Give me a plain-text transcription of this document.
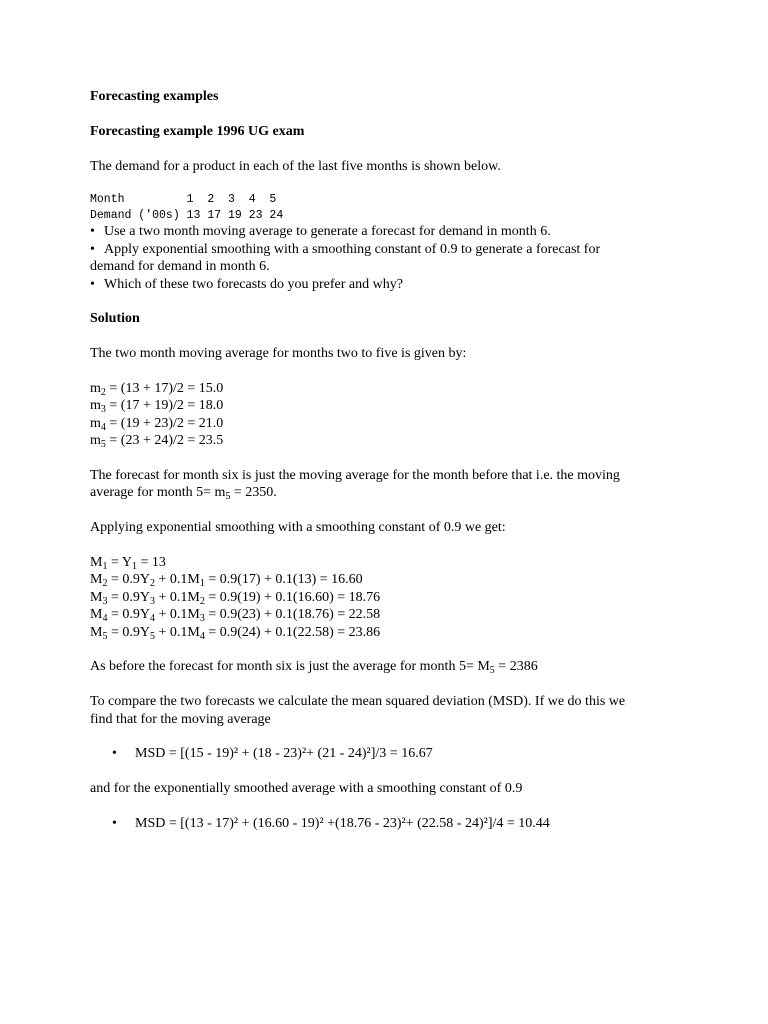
Forecasting examples
Forecasting example 1996 UG exam
The demand for a product in each of the last five months is shown below.
Month         1  2  3  4  5
Demand ('00s) 13 17 19 23 24
• Use a two month moving average to generate a forecast for demand in month 6.
• Apply exponential smoothing with a smoothing constant of 0.9 to generate a forecast for
demand for demand in month 6.
• Which of these two forecasts do you prefer and why?
Solution
The two month moving average for months two to five is given by:
$m_2 = (13 + 17)/2 = 15.0$
$m_3 = (17 + 19)/2 = 18.0$
$m_4 = (19 + 23)/2 = 21.0$
$m_5 = (23 + 24)/2 = 23.5$
The forecast for month six is just the moving average for the month before that i.e. the moving
average for month $5= m_5 = 2350$.
Applying exponential smoothing with a smoothing constant of 0.9 we get:
$M_1 = Y_1 = 13$
$M_2 = 0.9Y_2 + 0.1M_1 = 0.9(17) + 0.1(13) = 16.60$
$M_3 = 0.9Y_3 + 0.1M_2 = 0.9(19) + 0.1(16.60) = 18.76$
$M_4 = 0.9Y_4 + 0.1M_3 = 0.9(23) + 0.1(18.76) = 22.58$
$M_5 = 0.9Y_5 + 0.1M_4 = 0.9(24) + 0.1(22.58) = 23.86$
As before the forecast for month six is just the average for month $5= M_5 = 2386$
To compare the two forecasts we calculate the mean squared deviation (MSD). If we do this we
find that for the moving average
• MSD = [(15 - 19)² + (18 - 23)²+ (21 - 24)²]/3 = 16.67
and for the exponentially smoothed average with a smoothing constant of 0.9
• MSD = [(13 - 17)² + (16.60 - 19)² +(18.76 - 23)²+ (22.58 - 24)²]/4 = 10.44
